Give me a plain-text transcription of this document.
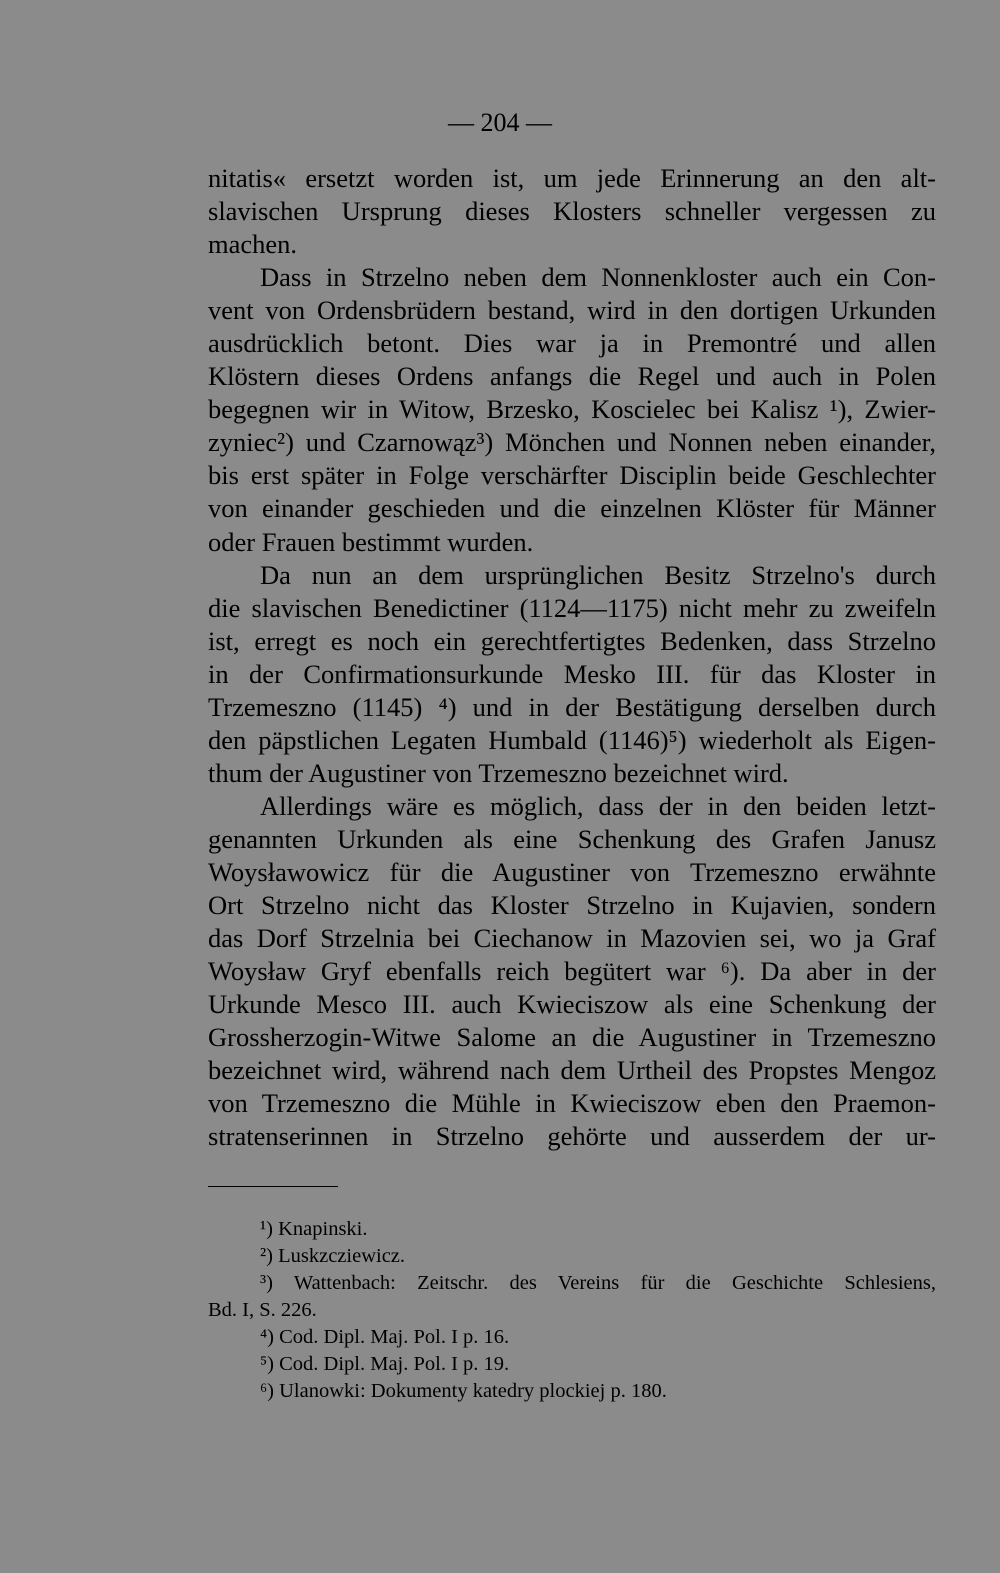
— 204 —
nitatis« ersetzt worden ist, um jede Erinnerung an den alt-
slavischen Ursprung dieses Klosters schneller vergessen zu
machen.
Dass in Strzelno neben dem Nonnenkloster auch ein Con-
vent von Ordensbrüdern bestand, wird in den dortigen Urkunden
ausdrücklich betont. Dies war ja in Premontré und allen
Klöstern dieses Ordens anfangs die Regel und auch in Polen
begegnen wir in Witow, Brzesko, Koscielec bei Kalisz ¹), Zwier-
zyniec²) und Czarnowąz³) Mönchen und Nonnen neben einander,
bis erst später in Folge verschärfter Disciplin beide Geschlechter
von einander geschieden und die einzelnen Klöster für Männer
oder Frauen bestimmt wurden.
Da nun an dem ursprünglichen Besitz Strzelno's durch
die slavischen Benedictiner (1124—1175) nicht mehr zu zweifeln
ist, erregt es noch ein gerechtfertigtes Bedenken, dass Strzelno
in der Confirmationsurkunde Mesko III. für das Kloster in
Trzemeszno (1145) ⁴) und in der Bestätigung derselben durch
den päpstlichen Legaten Humbald (1146)⁵) wiederholt als Eigen-
thum der Augustiner von Trzemeszno bezeichnet wird.
Allerdings wäre es möglich, dass der in den beiden letzt-
genannten Urkunden als eine Schenkung des Grafen Janusz
Woysławowicz für die Augustiner von Trzemeszno erwähnte
Ort Strzelno nicht das Kloster Strzelno in Kujavien, sondern
das Dorf Strzelnia bei Ciechanow in Mazovien sei, wo ja Graf
Woysław Gryf ebenfalls reich begütert war ⁶). Da aber in der
Urkunde Mesco III. auch Kwieciszow als eine Schenkung der
Grossherzogin-Witwe Salome an die Augustiner in Trzemeszno
bezeichnet wird, während nach dem Urtheil des Propstes Mengoz
von Trzemeszno die Mühle in Kwieciszow eben den Praemon-
stratenserinnen in Strzelno gehörte und ausserdem der ur-
¹) Knapinski.
²) Luskzcziewicz.
³) Wattenbach: Zeitschr. des Vereins für die Geschichte Schlesiens,
Bd. I, S. 226.
⁴) Cod. Dipl. Maj. Pol. I p. 16.
⁵) Cod. Dipl. Maj. Pol. I p. 19.
⁶) Ulanowki: Dokumenty katedry plockiej p. 180.
